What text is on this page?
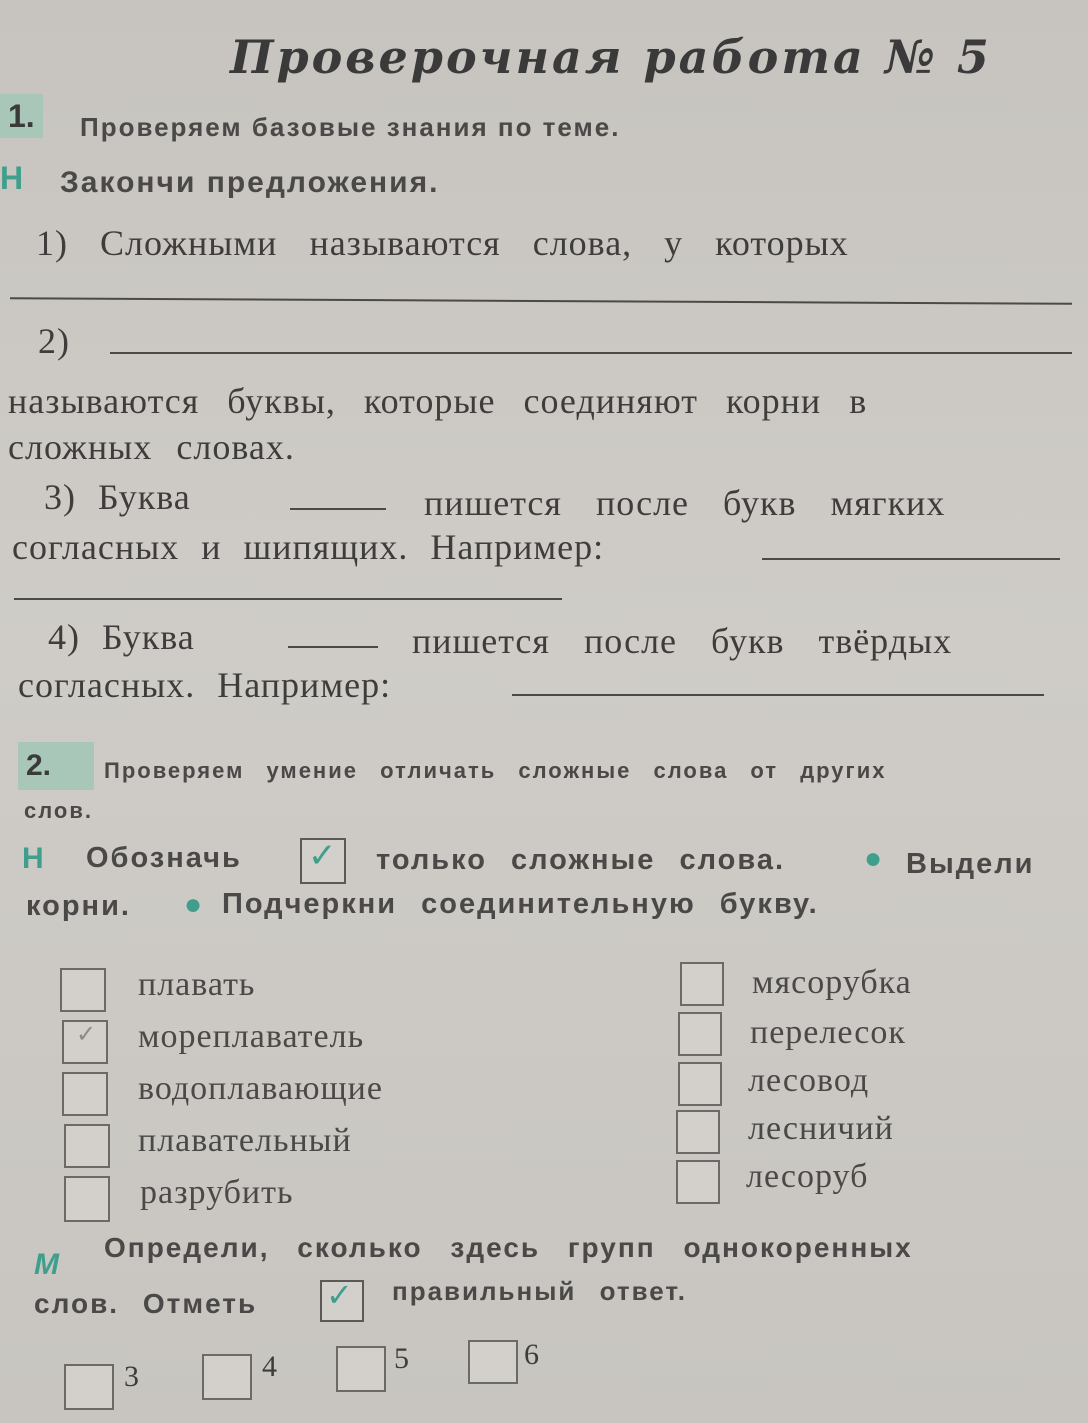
Проверочная работа № 5
1.	Проверяем базовые знания по теме.
Н Закончи предложения.
1) Сложными называются слова, у которых
2)
называются буквы, которые соединяют корни в
сложных словах.
3) Буква	пишется после букв мягких
согласных и шипящих. Например:
4) Буква	пишется после букв твёрдых
согласных. Например:
2.	Проверяем умение отличать сложные слова от других
слов.
Н Обозначь ✓ только сложные слова.	● Выдели
корни. ● Подчеркни соединительную букву.
плавать
✓ мореплаватель
водоплавающие
плавательный
разрубить
мясорубка
перелесок
лесовод
лесничий
лесоруб
М
Определи, сколько здесь групп однокоренных
слов. Отметь ✓ правильный ответ.
3	4	5	6
